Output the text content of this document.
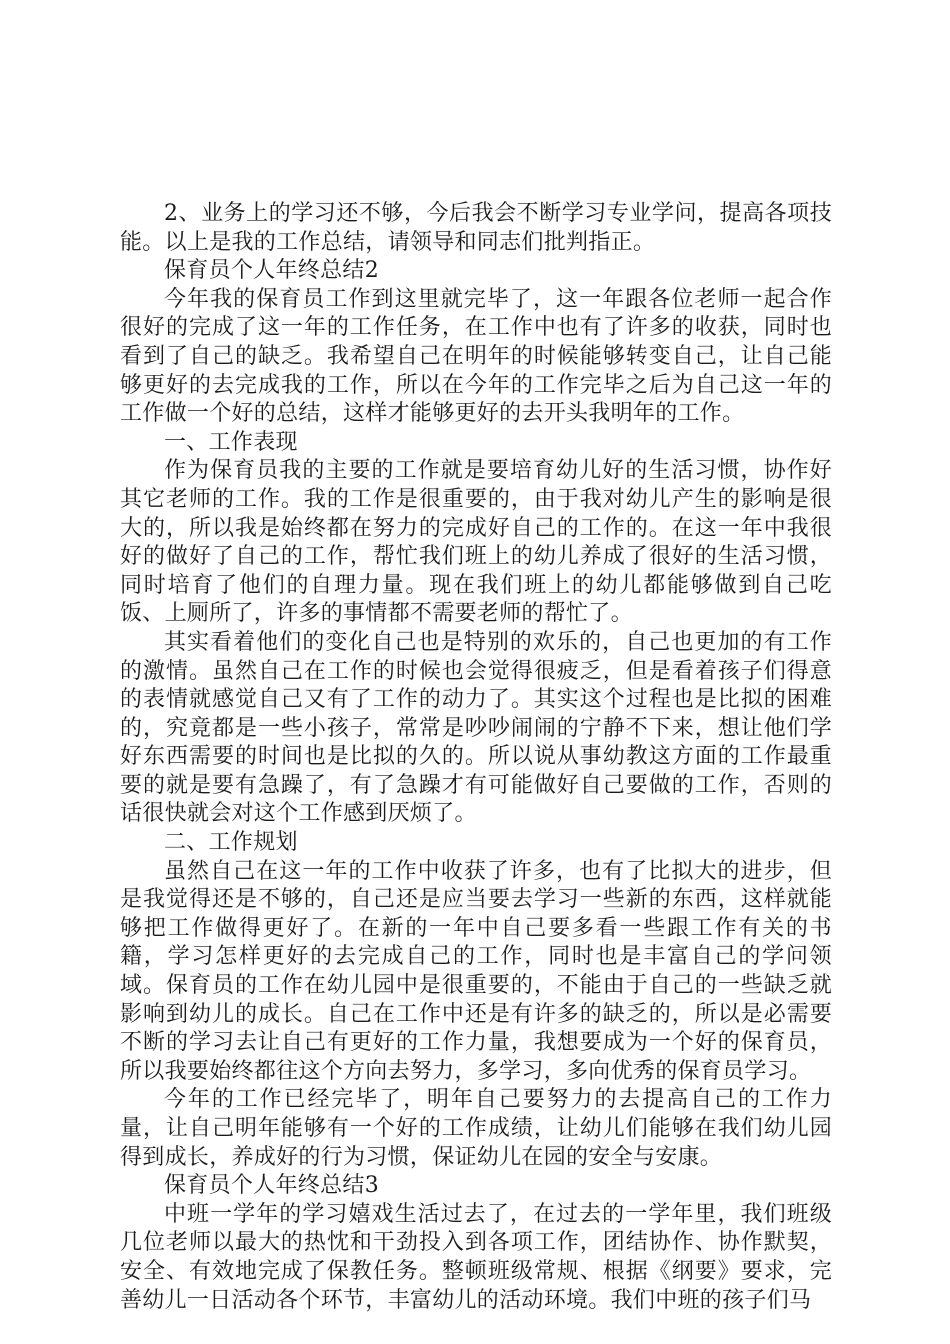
2、业务上的学习还不够，今后我会不断学习专业学问，提高各项技能。以上是我的工作总结，请领导和同志们批判指正。

保育员个人年终总结2

今年我的保育员工作到这里就完毕了，这一年跟各位老师一起合作很好的完成了这一年的工作任务，在工作中也有了许多的收获，同时也看到了自己的缺乏。我希望自己在明年的时候能够转变自己，让自己能够更好的去完成我的工作，所以在今年的工作完毕之后为自己这一年的工作做一个好的总结，这样才能够更好的去开头我明年的工作。

一、工作表现

作为保育员我的主要的工作就是要培育幼儿好的生活习惯，协作好其它老师的工作。我的工作是很重要的，由于我对幼儿产生的影响是很大的，所以我是始终都在努力的完成好自己的工作的。在这一年中我很好的做好了自己的工作，帮忙我们班上的幼儿养成了很好的生活习惯，同时培育了他们的自理力量。现在我们班上的幼儿都能够做到自己吃饭、上厕所了，许多的事情都不需要老师的帮忙了。

其实看着他们的变化自己也是特别的欢乐的，自己也更加的有工作的激情。虽然自己在工作的时候也会觉得很疲乏，但是看着孩子们得意的表情就感觉自己又有了工作的动力了。其实这个过程也是比拟的困难的，究竟都是一些小孩子，常常是吵吵闹闹的宁静不下来，想让他们学好东西需要的时间也是比拟的久的。所以说从事幼教这方面的工作最重要的就是要有急躁了，有了急躁才有可能做好自己要做的工作，否则的话很快就会对这个工作感到厌烦了。

二、工作规划

虽然自己在这一年的工作中收获了许多，也有了比拟大的进步，但是我觉得还是不够的，自己还是应当要去学习一些新的东西，这样就能够把工作做得更好了。在新的一年中自己要多看一些跟工作有关的书籍，学习怎样更好的去完成自己的工作，同时也是丰富自己的学问领域。保育员的工作在幼儿园中是很重要的，不能由于自己的一些缺乏就影响到幼儿的成长。自己在工作中还是有许多的缺乏的，所以是必需要不断的学习去让自己有更好的工作力量，我想要成为一个好的保育员，所以我要始终都往这个方向去努力，多学习，多向优秀的保育员学习。

今年的工作已经完毕了，明年自己要努力的去提高自己的工作力量，让自己明年能够有一个好的工作成绩，让幼儿们能够在我们幼儿园得到成长，养成好的行为习惯，保证幼儿在园的安全与安康。

保育员个人年终总结3

中班一学年的学习嬉戏生活过去了，在过去的一学年里，我们班级几位老师以最大的热忱和干劲投入到各项工作，团结协作、协作默契，安全、有效地完成了保教任务。整顿班级常规、根据《纲要》要求，完善幼儿一日活动各个环节，丰富幼儿的活动环境。我们中班的孩子们马
